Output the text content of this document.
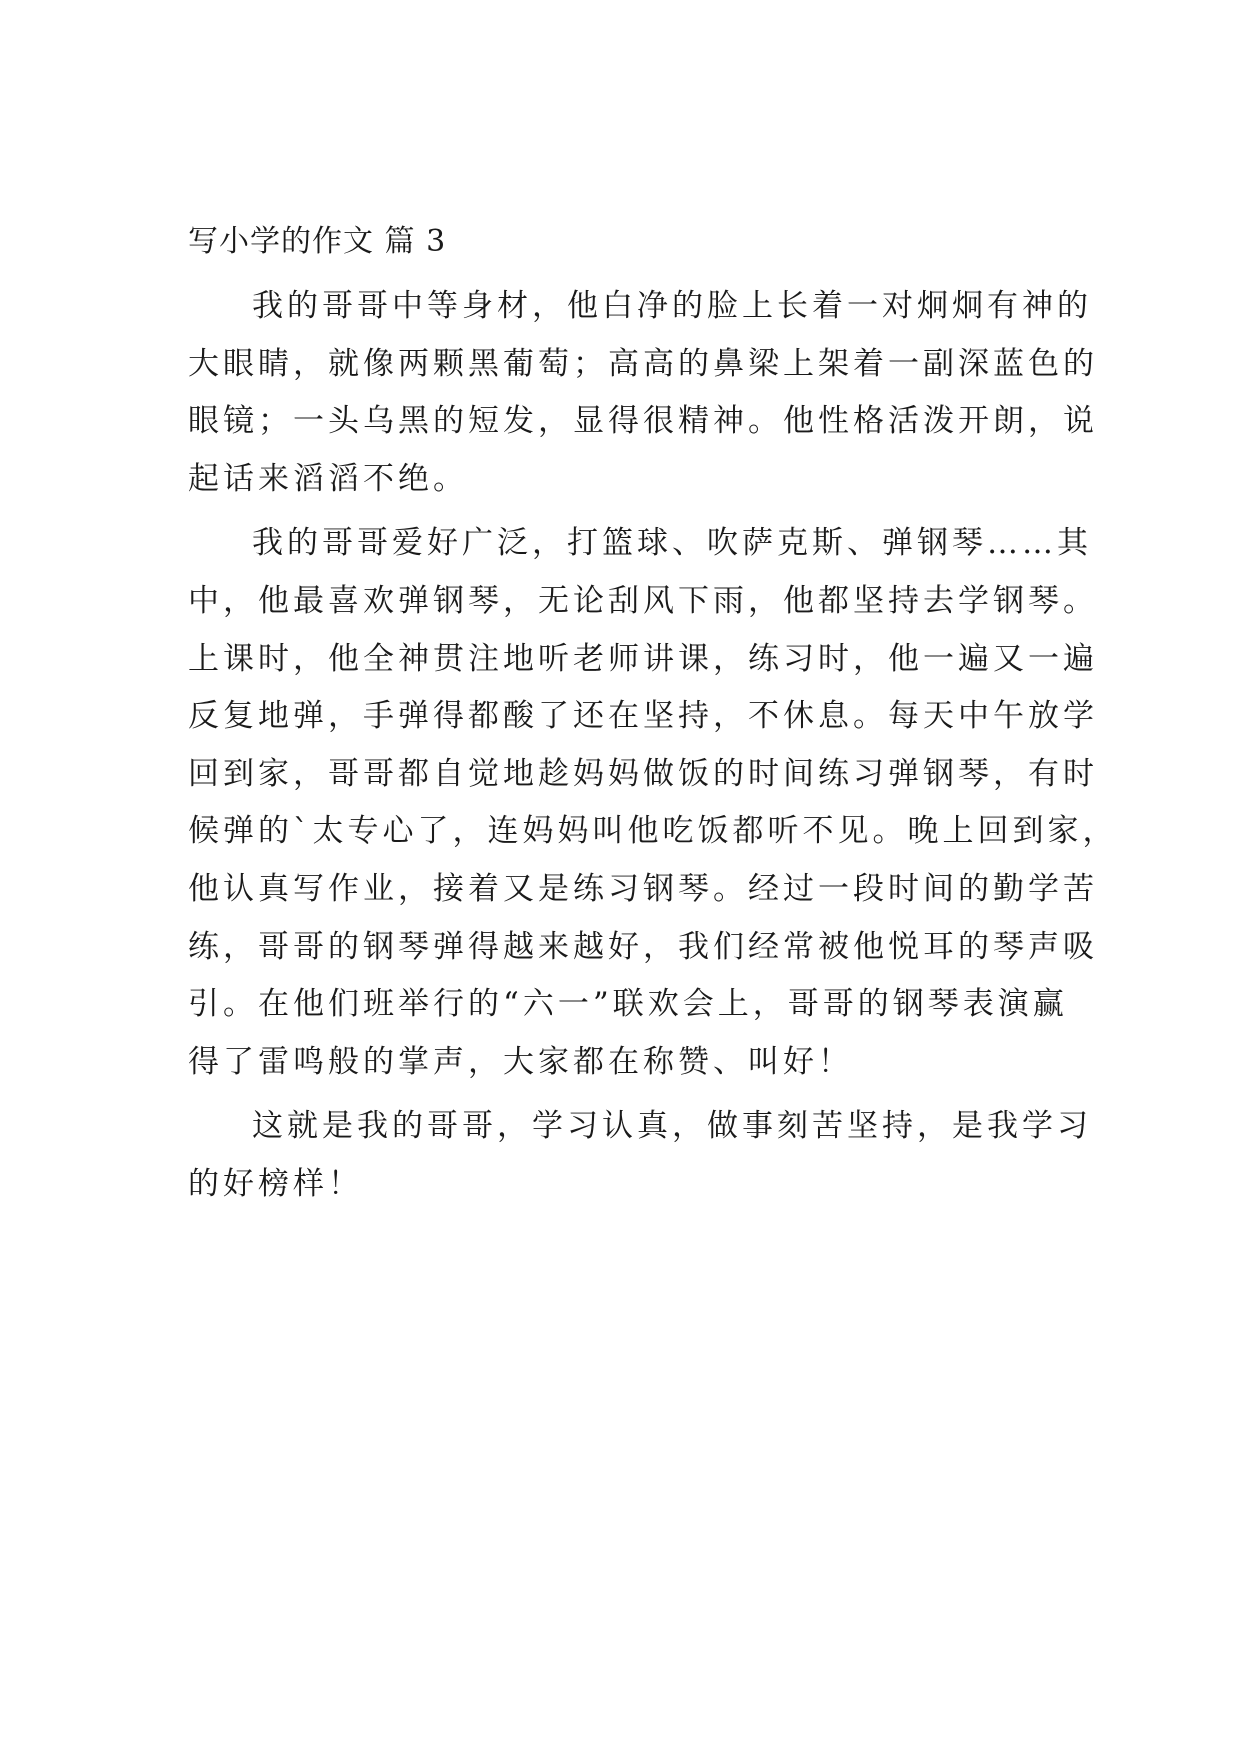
写小学的作文 篇 3
我的哥哥中等身材，他白净的脸上长着一对炯炯有神的
大眼睛，就像两颗黑葡萄；高高的鼻梁上架着一副深蓝色的
眼镜；一头乌黑的短发，显得很精神。他性格活泼开朗，说
起话来滔滔不绝。
我的哥哥爱好广泛，打篮球、吹萨克斯、弹钢琴……其
中，他最喜欢弹钢琴，无论刮风下雨，他都坚持去学钢琴。
上课时，他全神贯注地听老师讲课，练习时，他一遍又一遍
反复地弹，手弹得都酸了还在坚持，不休息。每天中午放学
回到家，哥哥都自觉地趁妈妈做饭的时间练习弹钢琴，有时
候弹的`太专心了，连妈妈叫他吃饭都听不见。晚上回到家，
他认真写作业，接着又是练习钢琴。经过一段时间的勤学苦
练，哥哥的钢琴弹得越来越好，我们经常被他悦耳的琴声吸
引。在他们班举行的“六一”联欢会上，哥哥的钢琴表演赢
得了雷鸣般的掌声，大家都在称赞、叫好！
这就是我的哥哥，学习认真，做事刻苦坚持，是我学习
的好榜样！
